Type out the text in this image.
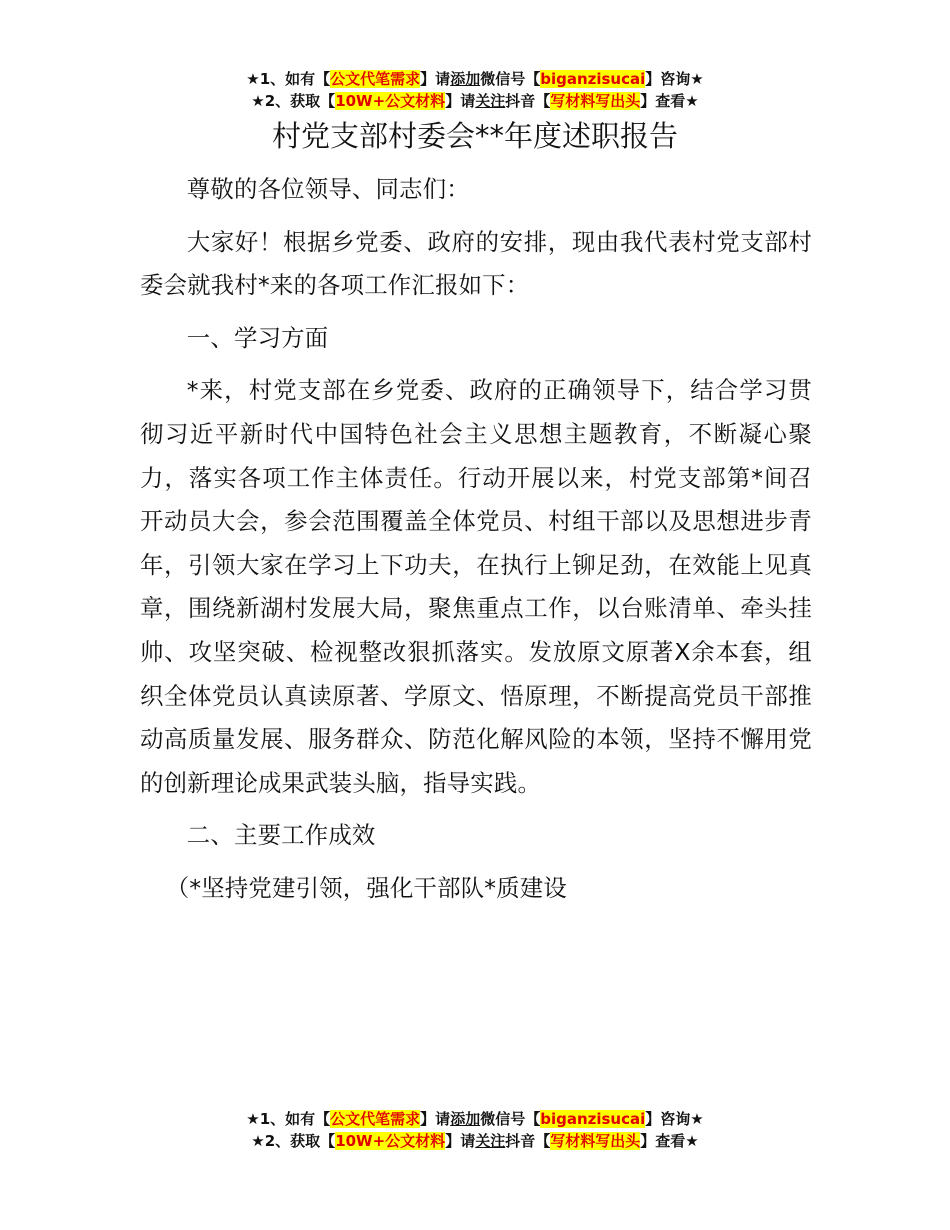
★1、如有【公文代笔需求】请添加微信号【biganzisucai】咨询★
★2、获取【10W+公文材料】请关注抖音【写材料写出头】查看★
村党支部村委会**年度述职报告

尊敬的各位领导、同志们：

大家好！根据乡党委、政府的安排，现由我代表村党支部村委会就我村*来的各项工作汇报如下：

一、学习方面

*来，村党支部在乡党委、政府的正确领导下，结合学习贯彻习近平新时代中国特色社会主义思想主题教育，不断凝心聚力，落实各项工作主体责任。行动开展以来，村党支部第*间召开动员大会，参会范围覆盖全体党员、村组干部以及思想进步青年，引领大家在学习上下功夫，在执行上铆足劲，在效能上见真章，围绕新湖村发展大局，聚焦重点工作，以台账清单、牵头挂帅、攻坚突破、检视整改狠抓落实。发放原文原著X余本套，组织全体党员认真读原著、学原文、悟原理，不断提高党员干部推动高质量发展、服务群众、防范化解风险的本领，坚持不懈用党的创新理论成果武装头脑，指导实践。

二、主要工作成效

（*坚持党建引领，强化干部队*质建设

★1、如有【公文代笔需求】请添加微信号【biganzisucai】咨询★
★2、获取【10W+公文材料】请关注抖音【写材料写出头】查看★
